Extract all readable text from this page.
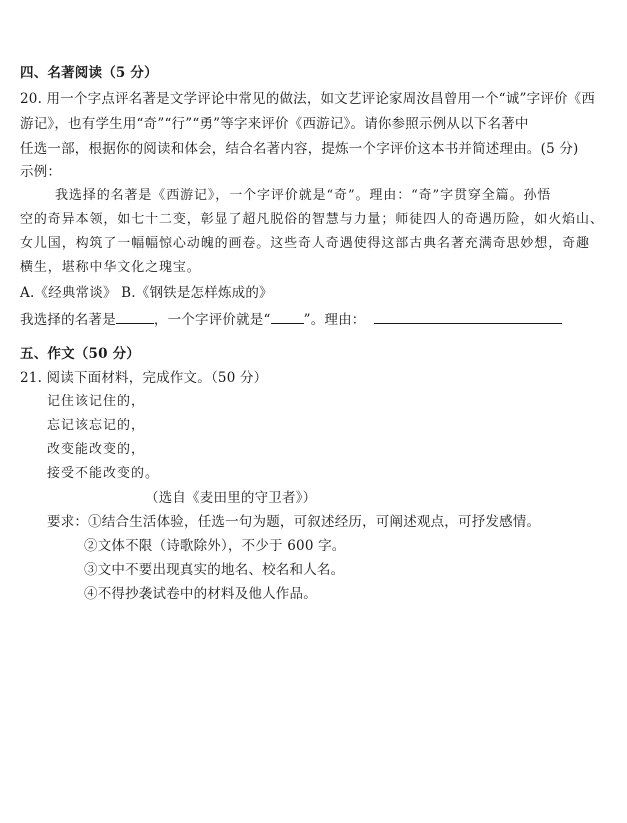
四、名著阅读（5 分）
20. 用一个字点评名著是文学评论中常见的做法，如文艺评论家周汝昌曾用一个“诚”字评价《西
游记》，也有学生用“奇”“行”“勇”等字来评价《西游记》。请你参照示例从以下名著中
任选一部，根据你的阅读和体会，结合名著内容，提炼一个字评价这本书并简述理由。(5 分)
示例：
我选择的名著是《西游记》，一个字评价就是“奇”。理由：“奇”字贯穿全篇。孙悟
空的奇异本领，如七十二变，彰显了超凡脱俗的智慧与力量；师徒四人的奇遇历险，如火焰山、
女儿国，构筑了一幅幅惊心动魄的画卷。这些奇人奇遇使得这部古典名著充满奇思妙想，奇趣
横生，堪称中华文化之瑰宝。
A.《经典常谈》 B.《钢铁是怎样炼成的》
我选择的名著是	，一个字评价就是“ ”。理由：
五、作文（50 分）
21. 阅读下面材料，完成作文。（50 分）
记住该记住的，
忘记该忘记的，
改变能改变的，
接受不能改变的。
（选自《麦田里的守卫者》）
要求：①结合生活体验，任选一句为题，可叙述经历，可阐述观点，可抒发感情。
②文体不限（诗歌除外），不少于 600 字。
③文中不要出现真实的地名、校名和人名。
④不得抄袭试卷中的材料及他人作品。
